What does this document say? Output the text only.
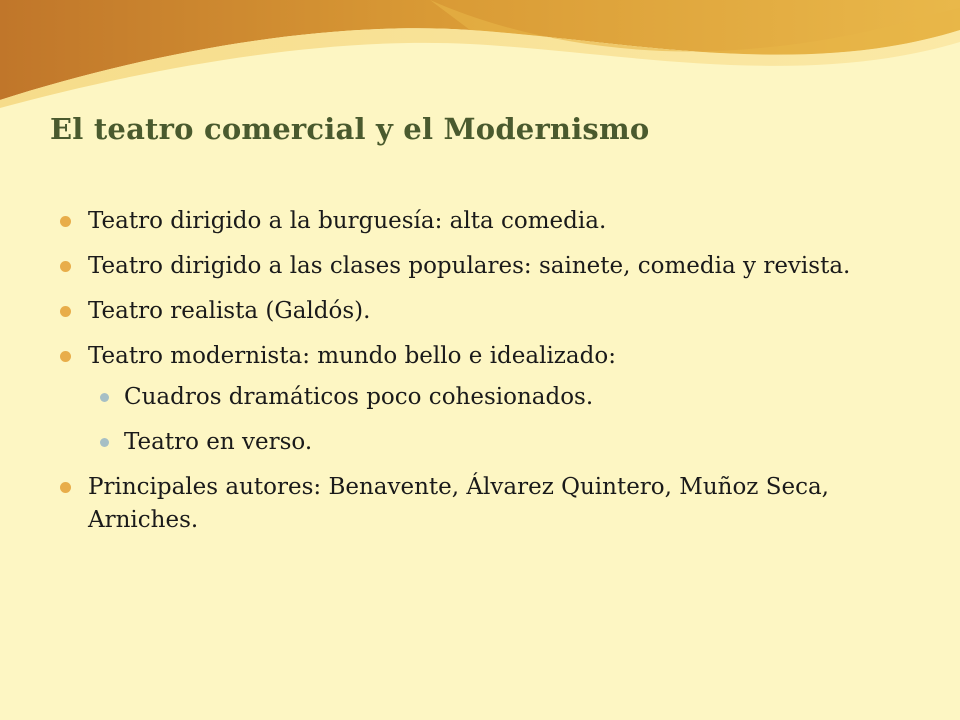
El teatro comercial y el Modernismo
Teatro dirigido a la burguesía: alta comedia.
Teatro dirigido a las clases populares: sainete, comedia y revista.
Teatro realista (Galdós).
Teatro modernista: mundo bello e idealizado:
Cuadros dramáticos poco cohesionados.
Teatro en verso.
Principales autores: Benavente, Álvarez Quintero, Muñoz Seca, Arniches.
